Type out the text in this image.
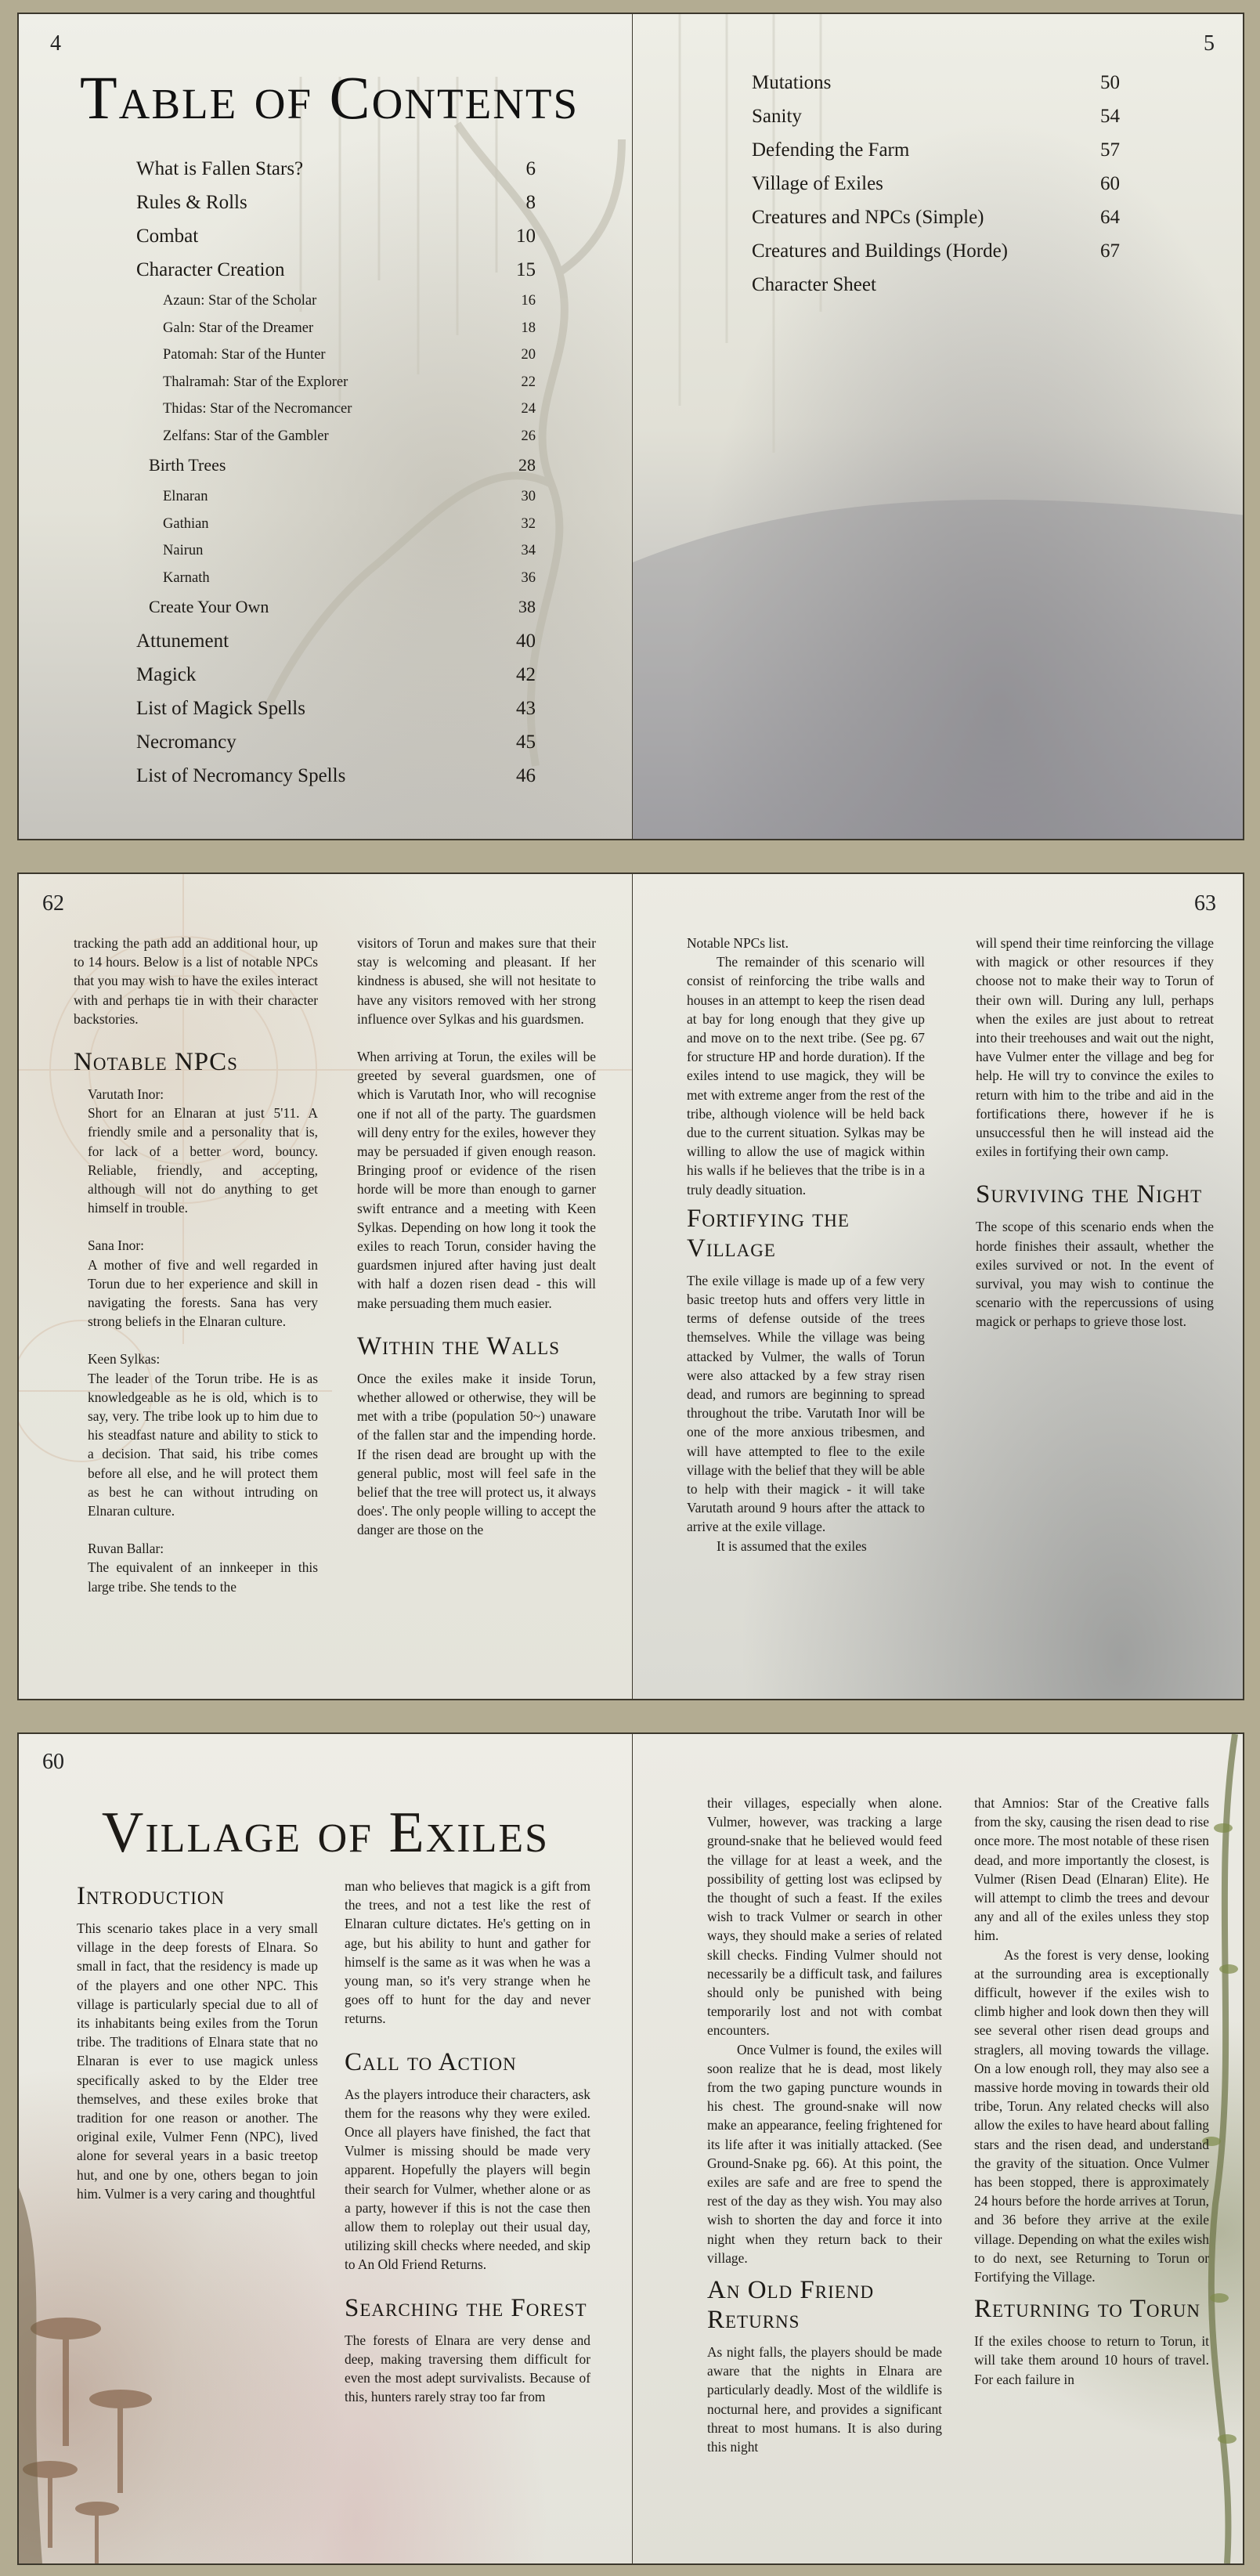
4
Table of Contents
What is Fallen Stars?	6
Rules & Rolls	8
Combat	10
Character Creation	15
Azaun: Star of the Scholar	16
Galn: Star of the Dreamer	18
Patomah: Star of the Hunter	20
Thalramah: Star of the Explorer	22
Thidas: Star of the Necromancer	24
Zelfans: Star of the Gambler	26
Birth Trees	28
Elnaran	30
Gathian	32
Nairun	34
Karnath	36
Create Your Own	38
Attunement	40
Magick	42
List of Magick Spells	43
Necromancy	45
List of Necromancy Spells	46
5
Mutations	50
Sanity	54
Defending the Farm	57
Village of Exiles	60
Creatures and NPCs (Simple)	64
Creatures and Buildings (Horde)	67
Character Sheet
62

tracking the path add an additional hour, up to 14 hours. Below is a list of notable NPCs that you may wish to have the exiles interact with and perhaps tie in with their character backstories.

Notable NPCs
Varutath Inor:
Short for an Elnaran at just 5'11. A friendly smile and a personality that is, for lack of a better word, bouncy. Reliable, friendly, and accepting, although will not do anything to get himself in trouble.
Sana Inor:
A mother of five and well regarded in Torun due to her experience and skill in navigating the forests. Sana has very strong beliefs in the Elnaran culture.
Keen Sylkas:
The leader of the Torun tribe. He is as knowledgeable as he is old, which is to say, very. The tribe look up to him due to his steadfast nature and ability to stick to a decision. That said, his tribe comes before all else, and he will protect them as best he can without intruding on Elnaran culture.
Ruvan Ballar:
The equivalent of an innkeeper in this large tribe. She tends to the

visitors of Torun and makes sure that their stay is welcoming and pleasant. If her kindness is abused, she will not hesitate to have any visitors removed with her strong influence over Sylkas and his guardsmen.

When arriving at Torun, the exiles will be greeted by several guardsmen, one of which is Varutath Inor, who will recognise one if not all of the party. The guardsmen will deny entry for the exiles, however they may be persuaded if given enough reason. Bringing proof or evidence of the risen horde will be more than enough to garner swift entrance and a meeting with Keen Sylkas. Depending on how long it took the exiles to reach Torun, consider having the guardsmen injured after having just dealt with half a dozen risen dead - this will make persuading them much easier.

Within the Walls

Once the exiles make it inside Torun, whether allowed or otherwise, they will be met with a tribe (population 50~) unaware of the fallen star and the impending horde. If the risen dead are brought up with the general public, most will feel safe in the belief that the tree will protect us, it always does'. The only people willing to accept the danger are those on the

63

Notable NPCs list.

The remainder of this scenario will consist of reinforcing the tribe walls and houses in an attempt to keep the risen dead at bay for long enough that they give up and move on to the next tribe. (See pg. 67 for structure HP and horde duration). If the exiles intend to use magick, they will be met with extreme anger from the rest of the tribe, although violence will be held back due to the current situation. Sylkas may be willing to allow the use of magick within his walls if he believes that the tribe is in a truly deadly situation.

Fortifying the Village

The exile village is made up of a few very basic treetop huts and offers very little in terms of defense outside of the trees themselves. While the village was being attacked by Vulmer, the walls of Torun were also attacked by a few stray risen dead, and rumors are beginning to spread throughout the tribe. Varutath Inor will be one of the more anxious tribesmen, and will have attempted to flee to the exile village with the belief that they will be able to help with their magick - it will take Varutath around 9 hours after the attack to arrive at the exile village.

It is assumed that the exiles

will spend their time reinforcing the village with magick or other resources if they choose not to make their way to Torun of their own will. During any lull, perhaps when the exiles are just about to retreat into their treehouses and wait out the night, have Vulmer enter the village and beg for help. He will try to convince the exiles to return with him to the tribe and aid in the fortifications there, however if he is unsuccessful then he will instead aid the exiles in fortifying their own camp.

Surviving the Night

The scope of this scenario ends when the horde finishes their assault, whether the exiles survived or not. In the event of survival, you may wish to continue the scenario with the repercussions of using magick or perhaps to grieve those lost.

60
Village of Exiles
Introduction

This scenario takes place in a very small village in the deep forests of Elnara. So small in fact, that the residency is made up of the players and one other NPC. This village is particularly special due to all of its inhabitants being exiles from the Torun tribe. The traditions of Elnara state that no Elnaran is ever to use magick unless specifically asked to by the Elder tree themselves, and these exiles broke that tradition for one reason or another. The original exile, Vulmer Fenn (NPC), lived alone for several years in a basic treetop hut, and one by one, others began to join him. Vulmer is a very caring and thoughtful

man who believes that magick is a gift from the trees, and not a test like the rest of Elnaran culture dictates. He's getting on in age, but his ability to hunt and gather for himself is the same as it was when he was a young man, so it's very strange when he goes off to hunt for the day and never returns.

Call to Action

As the players introduce their characters, ask them for the reasons why they were exiled. Once all players have finished, the fact that Vulmer is missing should be made very apparent. Hopefully the players will begin their search for Vulmer, whether alone or as a party, however if this is not the case then allow them to roleplay out their usual day, utilizing skill checks where needed, and skip to An Old Friend Returns.

Searching the Forest

The forests of Elnara are very dense and deep, making traversing them difficult for even the most adept survivalists. Because of this, hunters rarely stray too far from

their villages, especially when alone. Vulmer, however, was tracking a large ground-snake that he believed would feed the village for at least a week, and the possibility of getting lost was eclipsed by the thought of such a feast. If the exiles wish to track Vulmer or search in other ways, they should make a series of related skill checks. Finding Vulmer should not necessarily be a difficult task, and failures should only be punished with being temporarily lost and not with combat encounters.

Once Vulmer is found, the exiles will soon realize that he is dead, most likely from the two gaping puncture wounds in his chest. The ground-snake will now make an appearance, feeling frightened for its life after it was initially attacked. (See Ground-Snake pg. 66). At this point, the exiles are safe and are free to spend the rest of the day as they wish. You may also wish to shorten the day and force it into night when they return back to their village.

An Old Friend Returns

As night falls, the players should be made aware that the nights in Elnara are particularly deadly. Most of the wildlife is nocturnal here, and provides a significant threat to most humans. It is also during this night

that Amnios: Star of the Creative falls from the sky, causing the risen dead to rise once more. The most notable of these risen dead, and more importantly the closest, is Vulmer (Risen Dead (Elnaran) Elite). He will attempt to climb the trees and devour any and all of the exiles unless they stop him.

As the forest is very dense, looking at the surrounding area is exceptionally difficult, however if the exiles wish to climb higher and look down then they will see several other risen dead groups and straglers, all moving towards the village. On a low enough roll, they may also see a massive horde moving in towards their old tribe, Torun. Any related checks will also allow the exiles to have heard about falling stars and the risen dead, and understand the gravity of the situation. Once Vulmer has been stopped, there is approximately 24 hours before the horde arrives at Torun, and 36 before they arrive at the exile village. Depending on what the exiles wish to do next, see Returning to Torun or Fortifying the Village.

Returning to Torun

If the exiles choose to return to Torun, it will take them around 10 hours of travel. For each failure in
